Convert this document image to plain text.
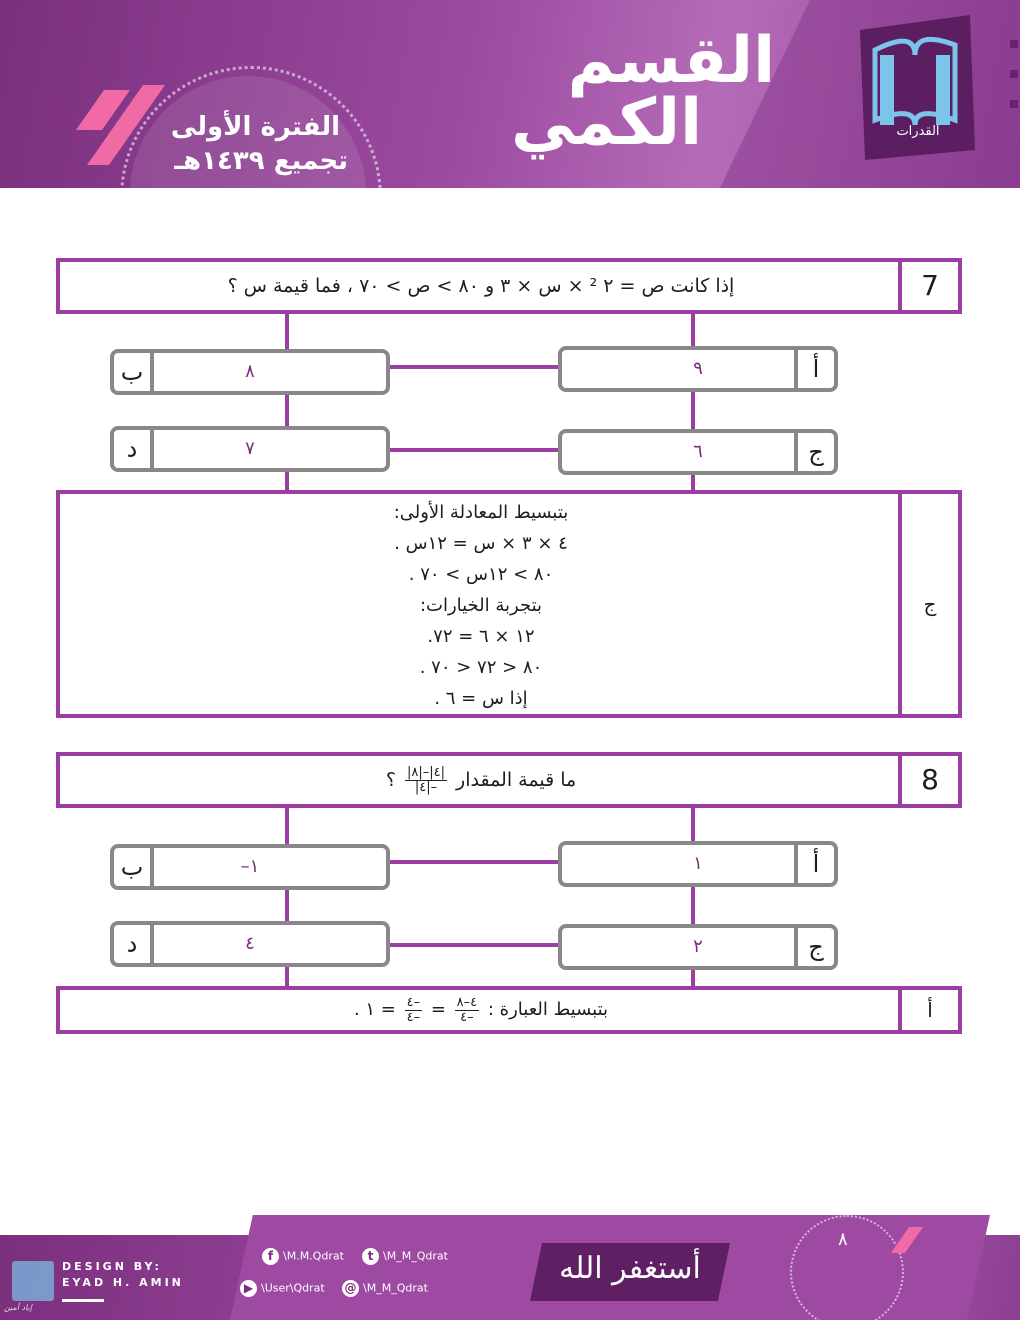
الفترة الأولى
تجميع ١٤٣٩هـ
القسم
الكمي	القدرات
إذا كانت ص = ٢ ² × س × ٣ و ٨٠ > ص > ٧٠ ، فما قيمة س ؟	7
٩	أ
ب	٨
٦	ج
د	٧
بتبسيط المعادلة الأولى:
٤ × ٣ × س = ١٢س .
٨٠ > ١٢س > ٧٠ .
بتجربة الخيارات:
١٢ × ٦ = ٧٢.
٨٠ < ٧٢ < ٧٠ .
إذا س = ٦ .
ج
ما قيمة المقدار
$\frac{|٤|-|٨|}{-|٤|}$
؟	8
١	أ
ب	–١
٢	ج
د	٤
بتبسيط العبارة :
$\frac{٤-٨}{-٤}$
=
$\frac{-٤}{-٤}$
= ١ .	أ
إياد أمين
DESIGN BY:
EYAD H. AMIN
f \M.M.Qdrat	t \M_M_Qdrat
▶ \User\Qdrat @ \M_M_Qdrat
أستغفر الله
٨
